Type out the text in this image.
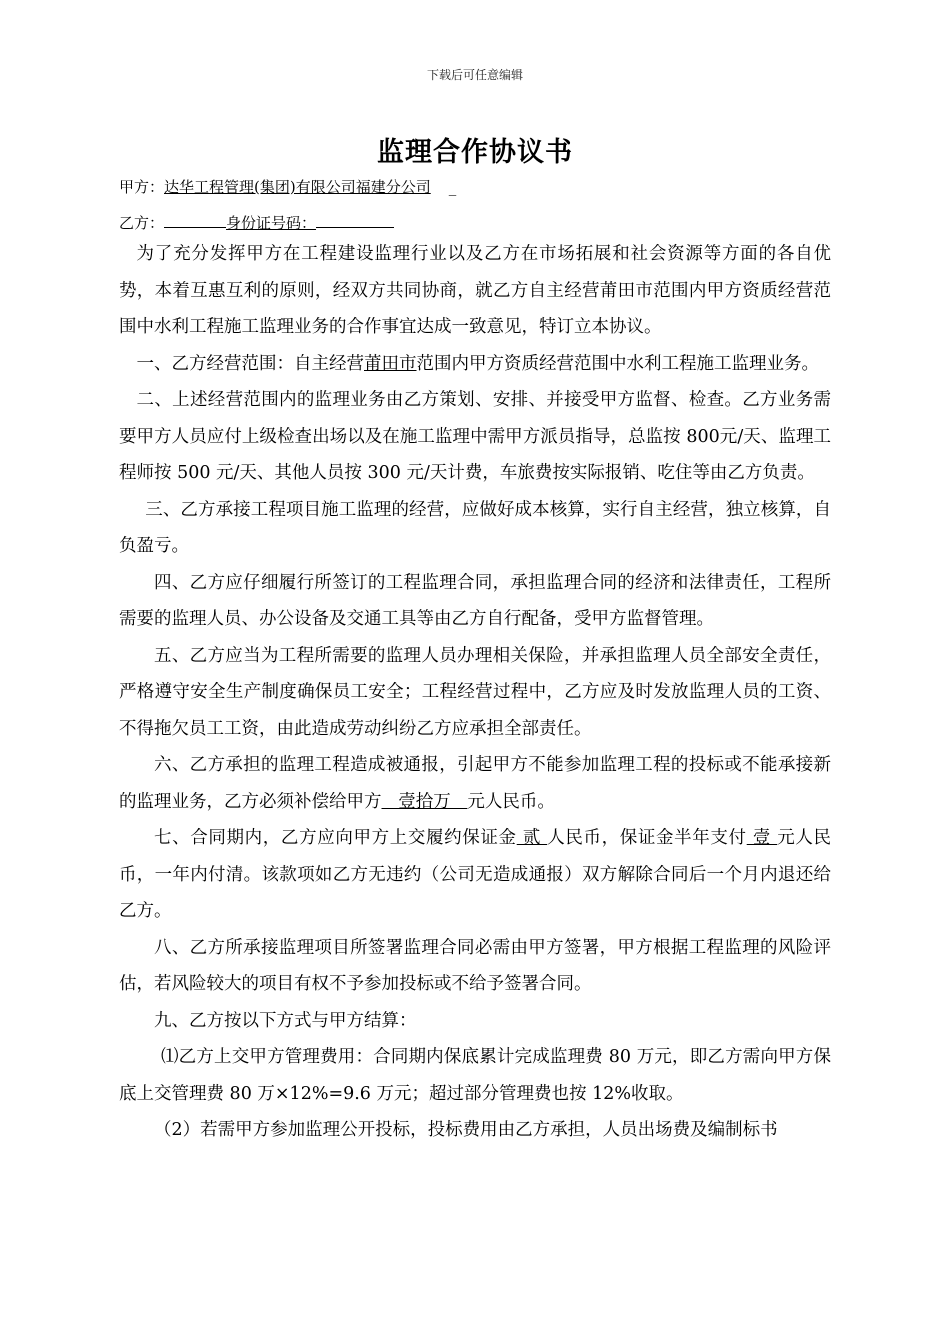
下载后可任意编辑
监理合作协议书
甲方：达华工程管理(集团)有限公司福建分公司 _
乙方：	身份证号码：

为了充分发挥甲方在工程建设监理行业以及乙方在市场拓展和社会资源等方面的各自优势，本着互惠互利的原则，经双方共同协商，就乙方自主经营莆田市范围内甲方资质经营范围中水利工程施工监理业务的合作事宜达成一致意见，特订立本协议。

一、乙方经营范围：自主经营莆田市范围内甲方资质经营范围中水利工程施工监理业务。

二、上述经营范围内的监理业务由乙方策划、安排、并接受甲方监督、检查。乙方业务需要甲方人员应付上级检查出场以及在施工监理中需甲方派员指导，总监按 800元/天、监理工程师按 500 元/天、其他人员按 300 元/天计费，车旅费按实际报销、吃住等由乙方负责。

三、乙方承接工程项目施工监理的经营，应做好成本核算，实行自主经营，独立核算，自负盈亏。

四、乙方应仔细履行所签订的工程监理合同，承担监理合同的经济和法律责任，工程所需要的监理人员、办公设备及交通工具等由乙方自行配备，受甲方监督管理。

五、乙方应当为工程所需要的监理人员办理相关保险，并承担监理人员全部安全责任，严格遵守安全生产制度确保员工安全；工程经营过程中，乙方应及时发放监理人员的工资、不得拖欠员工工资，由此造成劳动纠纷乙方应承担全部责任。

六、乙方承担的监理工程造成被通报，引起甲方不能参加监理工程的投标或不能承接新的监理业务，乙方必须补偿给甲方   壹拾万   元人民币。

七、合同期内，乙方应向甲方上交履约保证金 贰 人民币，保证金半年支付 壹 元人民币，一年内付清。该款项如乙方无违约（公司无造成通报）双方解除合同后一个月内退还给乙方。

八、乙方所承接监理项目所签署监理合同必需由甲方签署，甲方根据工程监理的风险评估，若风险较大的项目有权不予参加投标或不给予签署合同。

九、乙方按以下方式与甲方结算：

⑴乙方上交甲方管理费用：合同期内保底累计完成监理费 80 万元，即乙方需向甲方保底上交管理费 80 万×12%=9.6 万元；超过部分管理费也按 12%收取。

（2）若需甲方参加监理公开投标，投标费用由乙方承担，人员出场费及编制标书
